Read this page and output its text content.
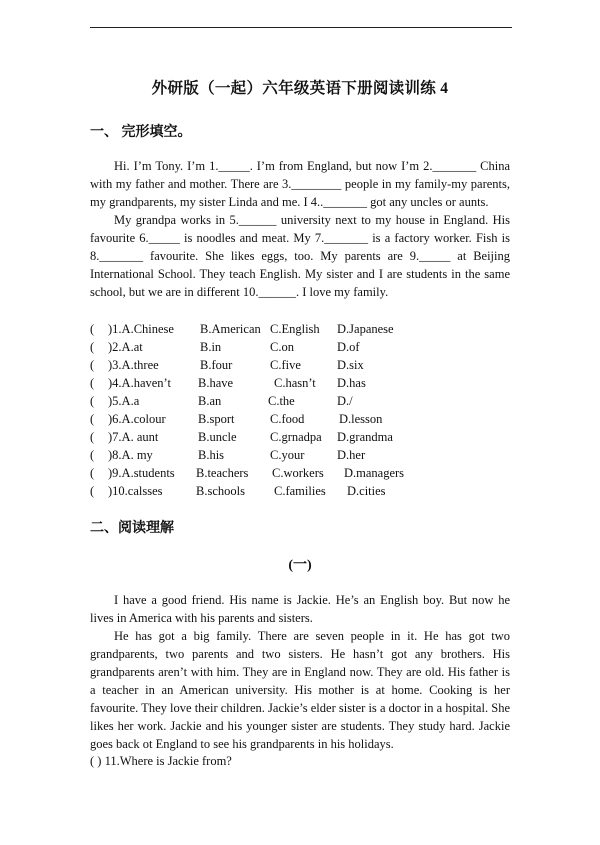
外研版（一起）六年级英语下册阅读训练 4
一、 完形填空。

Hi. I’m Tony. I’m 1._____. I’m from England, but now I’m 2._______ China with my father and mother. There are 3.________ people in my family-my parents, my grandparents, my sister Linda and me. I 4.._______ got any uncles or aunts.

My grandpa works in 5.______ university next to my house in England. His favourite 6._____ is noodles and meat. My 7._______ is a factory worker. Fish is 8._______ favourite. She likes eggs, too. My parents are 9._____ at Beijing International School. They teach English. My sister and I are students in the same school, but we are in different 10.______. I love my family.

( )1.A.Chinese B.American C.English D.Japanese
( )2.A.at	B.in	C.on	D.of
( )3.A.three	B.four	C.five	D.six
( )4.A.haven’t B.have	C.hasn’t D.has
( )5.A.a	B.an	C.the	D./
( )6.A.colour	B.sport	C.food	D.lesson
( )7.A. aunt	B.uncle	C.grnadpa D.grandma
( )8.A. my	B.his	C.your	D.her
( )9.A.students B.teachers C.workers D.managers
( )10.calsses	B.schools C.families D.cities
二、阅读理解
(一)

I have a good friend. His name is Jackie. He’s an English boy. But now he lives in America with his parents and sisters.

He has got a big family. There are seven people in it. He has got two grandparents, two parents and two sisters. He hasn’t got any brothers. His grandparents aren’t with him. They are in England now. They are old. His father is a teacher in an American university. His mother is at home. Cooking is her favourite. They love their children. Jackie’s elder sister is a doctor in a hospital. She likes her work. Jackie and his younger sister are students. They study hard. Jackie goes back ot England to see his grandparents in his holidays.

( ) 11.Where is Jackie from?
